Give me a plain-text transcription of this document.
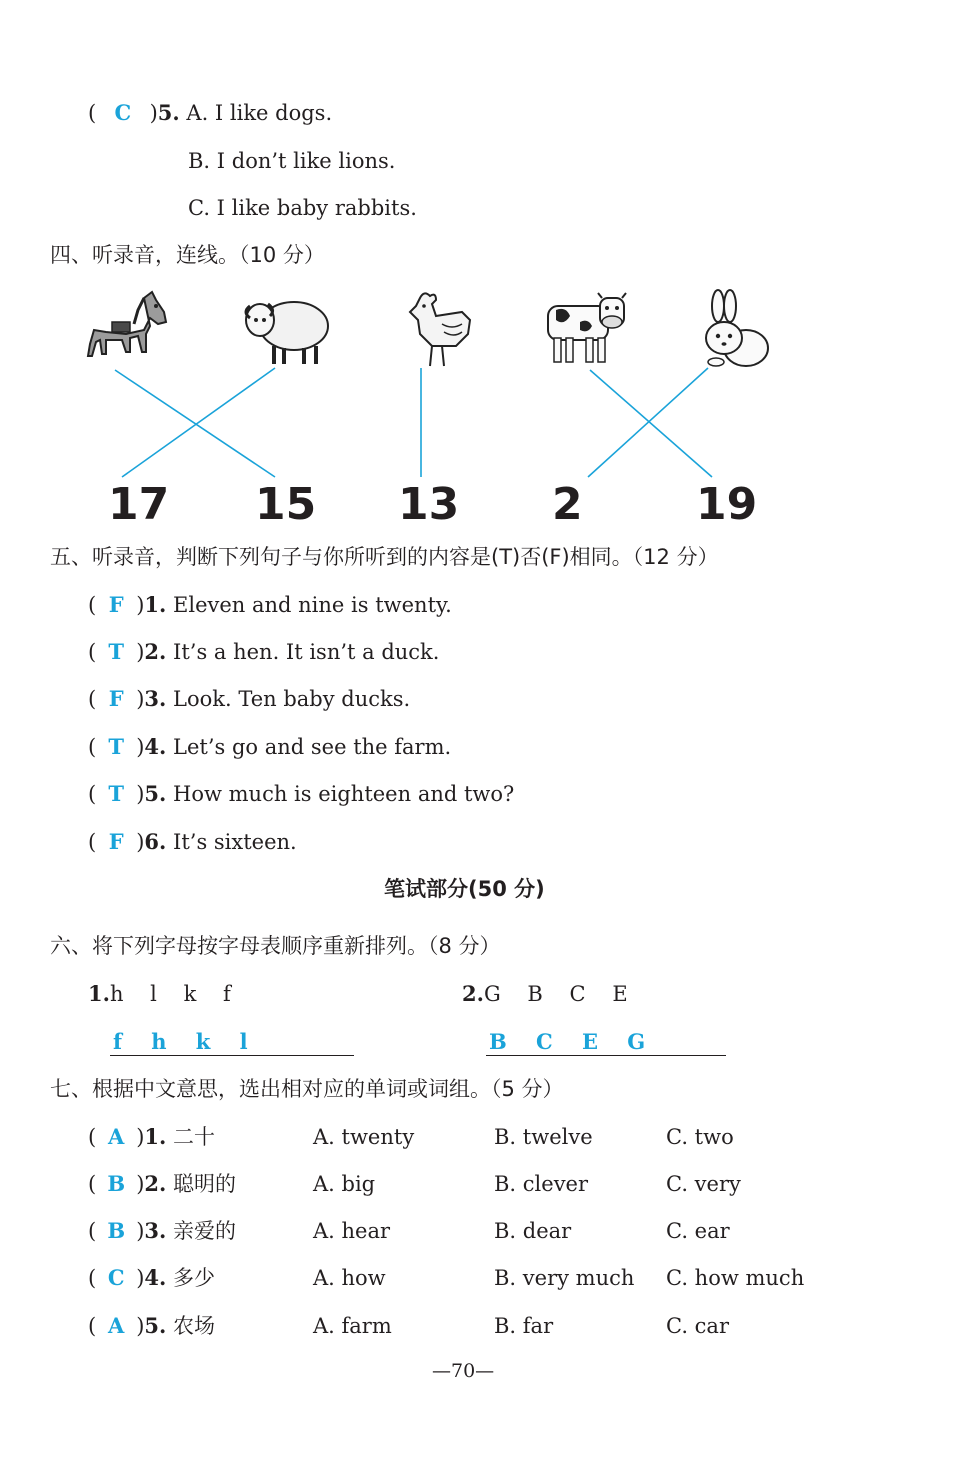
( C )5. A. I like dogs.
B. I don’t like lions.
C. I like baby rabbits.
四、听录音，连线。（10 分）
17 15 13 2	19
五、听录音，判断下列句子与你所听到的内容是(T)否(F)相同。（12 分）
( F )1. Eleven and nine is twenty.
( T )2. It’s a hen. It isn’t a duck.
( F )3. Look. Ten baby ducks.
( T )4. Let’s go and see the farm.
( T )5. How much is eighteen and two?
( F )6. It’s sixteen.
笔试部分(50 分)
六、将下列字母按字母表顺序重新排列。（8 分）
1.h    l    k    f	2.G    B    C    E
f    h    k    l	B    C    E    G
七、根据中文意思，选出相对应的单词或词组。（5 分）
( A )1. 二十	A. twenty	B. twelve	C. two
( B )2. 聪明的	A. big	B. clever	C. very
( B )3. 亲爱的	A. hear	B. dear	C. ear
( C )4. 多少	A. how	B. very much C. how much
( A )5. 农场	A. farm	B. far	C. car
—70—
